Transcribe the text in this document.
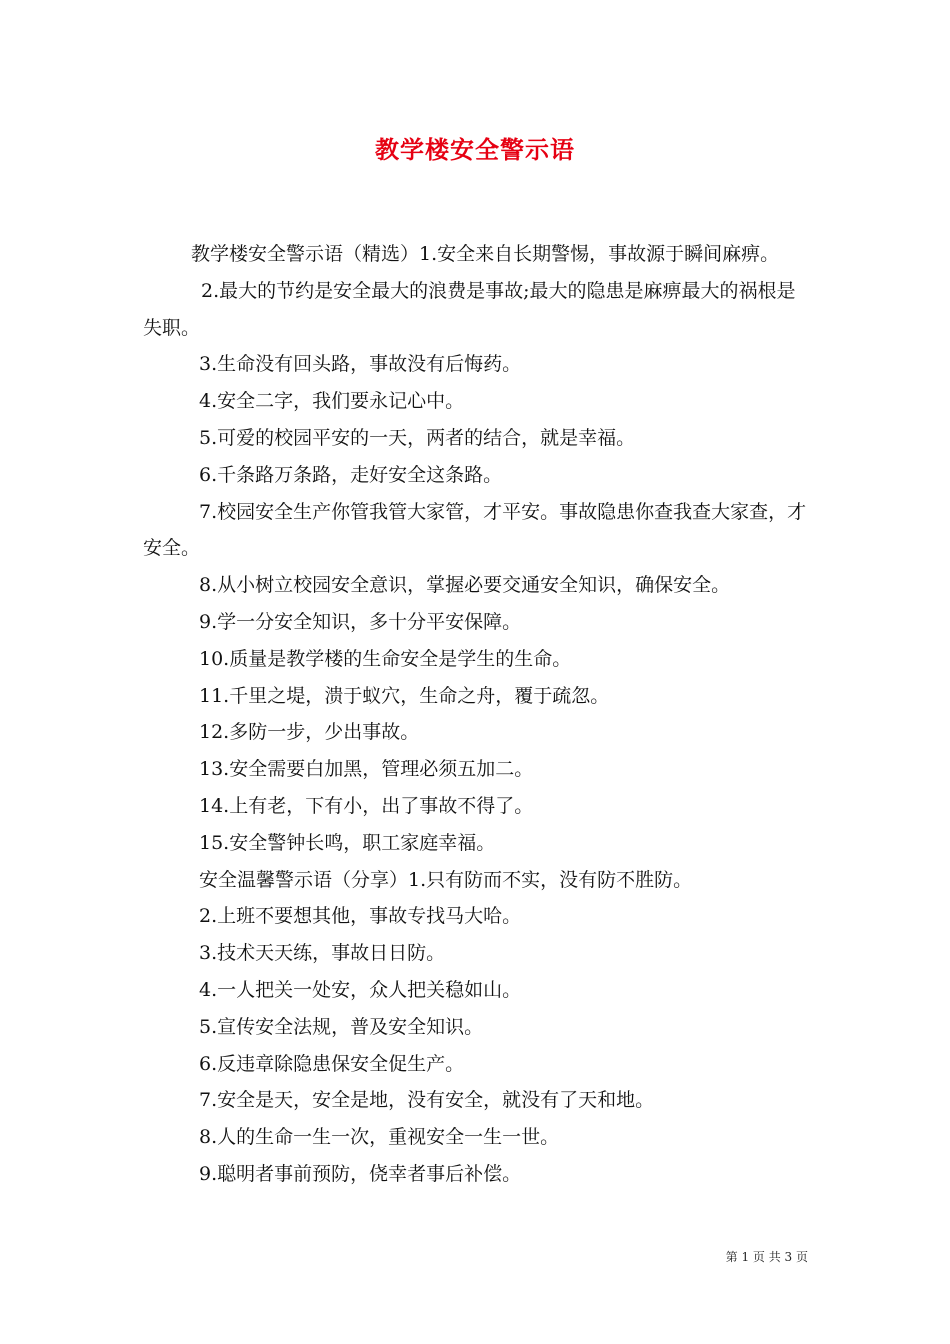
教学楼安全警示语

教学楼安全警示语（精选）1.安全来自长期警惕，事故源于瞬间麻痹。

2.最大的节约是安全最大的浪费是事故;最大的隐患是麻痹最大的祸根是失职。

3.生命没有回头路，事故没有后悔药。

4.安全二字，我们要永记心中。

5.可爱的校园平安的一天，两者的结合，就是幸福。

6.千条路万条路，走好安全这条路。

7.校园安全生产你管我管大家管，才平安。事故隐患你查我查大家查，才安全。

8.从小树立校园安全意识，掌握必要交通安全知识，确保安全。

9.学一分安全知识，多十分平安保障。

10.质量是教学楼的生命安全是学生的生命。

11.千里之堤，溃于蚁穴，生命之舟，覆于疏忽。

12.多防一步，少出事故。

13.安全需要白加黑，管理必须五加二。

14.上有老，下有小，出了事故不得了。

15.安全警钟长鸣，职工家庭幸福。

安全温馨警示语（分享）1.只有防而不实，没有防不胜防。

2.上班不要想其他，事故专找马大哈。

3.技术天天练，事故日日防。

4.一人把关一处安，众人把关稳如山。

5.宣传安全法规，普及安全知识。

6.反违章除隐患保安全促生产。

7.安全是天，安全是地，没有安全，就没有了天和地。

8.人的生命一生一次，重视安全一生一世。

9.聪明者事前预防，侥幸者事后补偿。

第 1 页 共 3 页
